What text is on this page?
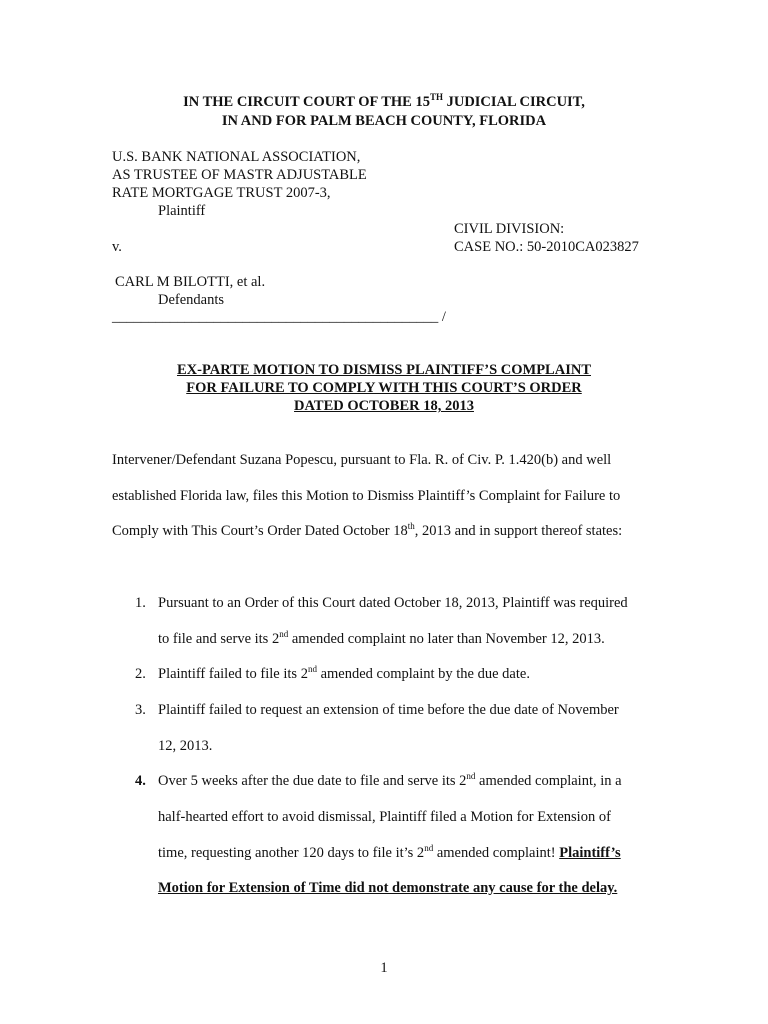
IN THE CIRCUIT COURT OF THE 15TH JUDICIAL CIRCUIT,
IN AND FOR PALM BEACH COUNTY, FLORIDA
U.S. BANK NATIONAL ASSOCIATION,
AS TRUSTEE OF MASTR ADJUSTABLE
RATE MORTGAGE TRUST 2007-3,
Plaintiff
CIVIL DIVISION:
v.	CASE NO.: 50-2010CA023827
CARL M BILOTTI, et al.
Defendants
_____________________________________________ /
EX-PARTE MOTION TO DISMISS PLAINTIFF’S COMPLAINT
FOR FAILURE TO COMPLY WITH THIS COURT’S ORDER
DATED OCTOBER 18, 2013
Intervener/Defendant Suzana Popescu, pursuant to Fla. R. of Civ. P. 1.420(b) and well
established Florida law, files this Motion to Dismiss Plaintiff’s Complaint for Failure to
Comply with This Court’s Order Dated October 18th, 2013 and in support thereof states:
1. Pursuant to an Order of this Court dated October 18, 2013, Plaintiff was required
to file and serve its 2nd amended complaint no later than November 12, 2013.
2. Plaintiff failed to file its 2nd amended complaint by the due date.
3. Plaintiff failed to request an extension of time before the due date of November
12, 2013.
4. Over 5 weeks after the due date to file and serve its 2nd amended complaint, in a
half-hearted effort to avoid dismissal, Plaintiff filed a Motion for Extension of
time, requesting another 120 days to file it’s 2nd amended complaint! Plaintiff’s
Motion for Extension of Time did not demonstrate any cause for the delay.
1
